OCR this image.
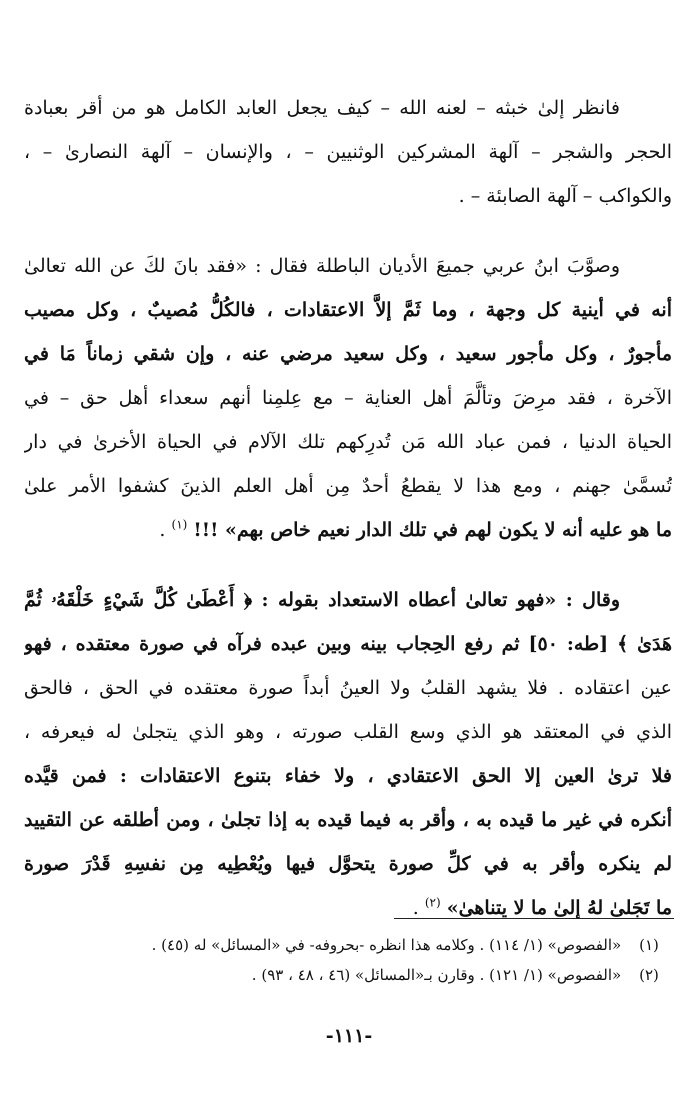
فانظر إلىٰ خبثه – لعنه الله – كيف يجعل العابد الكامل هو من أقر بعبادة
الحجر والشجر – آلهة المشركين الوثنيين – ، والإنسان – آلهة النصارىٰ – ،
والكواكب – آلهة الصابئة – .
وصوَّبَ ابنُ عربي جميعَ الأديان الباطلة فقال : «فقد بانَ لكَ عن الله تعالىٰ
أنه في أينية كل وجهة ، وما ثَمَّ إلاَّ الاعتقادات ، فالكُلُّ مُصيبٌ ، وكل مصيب
مأجورٌ ، وكل مأجور سعيد ، وكل سعيد مرضي عنه ، وإن شقي زماناً مَا في
الآخرة ، فقد مرِضَ وتألَّمَ أهل العناية – مع عِلمِنا أنهم سعداء أهل حق – في
الحياة الدنيا ، فمن عباد الله مَن تُدرِكهم تلك الآلام في الحياة الأخرىٰ في دار
تُسمَّىٰ جهنم ، ومع هذا لا يقطعُ أحدٌ مِن أهل العلم الذينَ كشفوا الأمر علىٰ
ما هو عليه أنه لا يكون لهم في تلك الدار نعيم خاص بهم» !!! $^{(١)}$ .
وقال : «فهو تعالىٰ أعطاه الاستعداد بقوله : ﴿ أَعْطَىٰ كُلَّ شَيْءٍ خَلْقَهُۥ ثُمَّ
هَدَىٰ ﴾ [طه: ٥٠] ثم رفع الحِجاب بينه وبين عبده فرآه في صورة معتقده ، فهو
عين اعتقاده . فلا يشهد القلبُ ولا العينُ أبداً صورة معتقده في الحق ، فالحق
الذي في المعتقد هو الذي وسع القلب صورته ، وهو الذي يتجلىٰ له فيعرفه ،
فلا ترىٰ العين إلا الحق الاعتقادي ، ولا خفاء بتنوع الاعتقادات : فمن قيَّده
أنكره في غير ما قيده به ، وأقر به فيما قيده به إذا تجلىٰ ، ومن أطلقه عن التقييد
لم ينكره وأقر به في كلِّ صورة يتحوَّل فيها ويُعْطِيه مِن نفسِهِ قَدْرَ صورة
ما تَجَلىٰ لهُ إلىٰ ما لا يتناهىٰ» $^{(٢)}$ .
(١) «الفصوص» (١/ ١١٤) . وكلامه هذا انظره -بحروفه- في «المسائل» له (٤٥) .
(٢) «الفصوص» (١/ ١٢١) . وقارن بـ«المسائل» (٤٦ ، ٤٨ ، ٩٣) .
-١١١-
